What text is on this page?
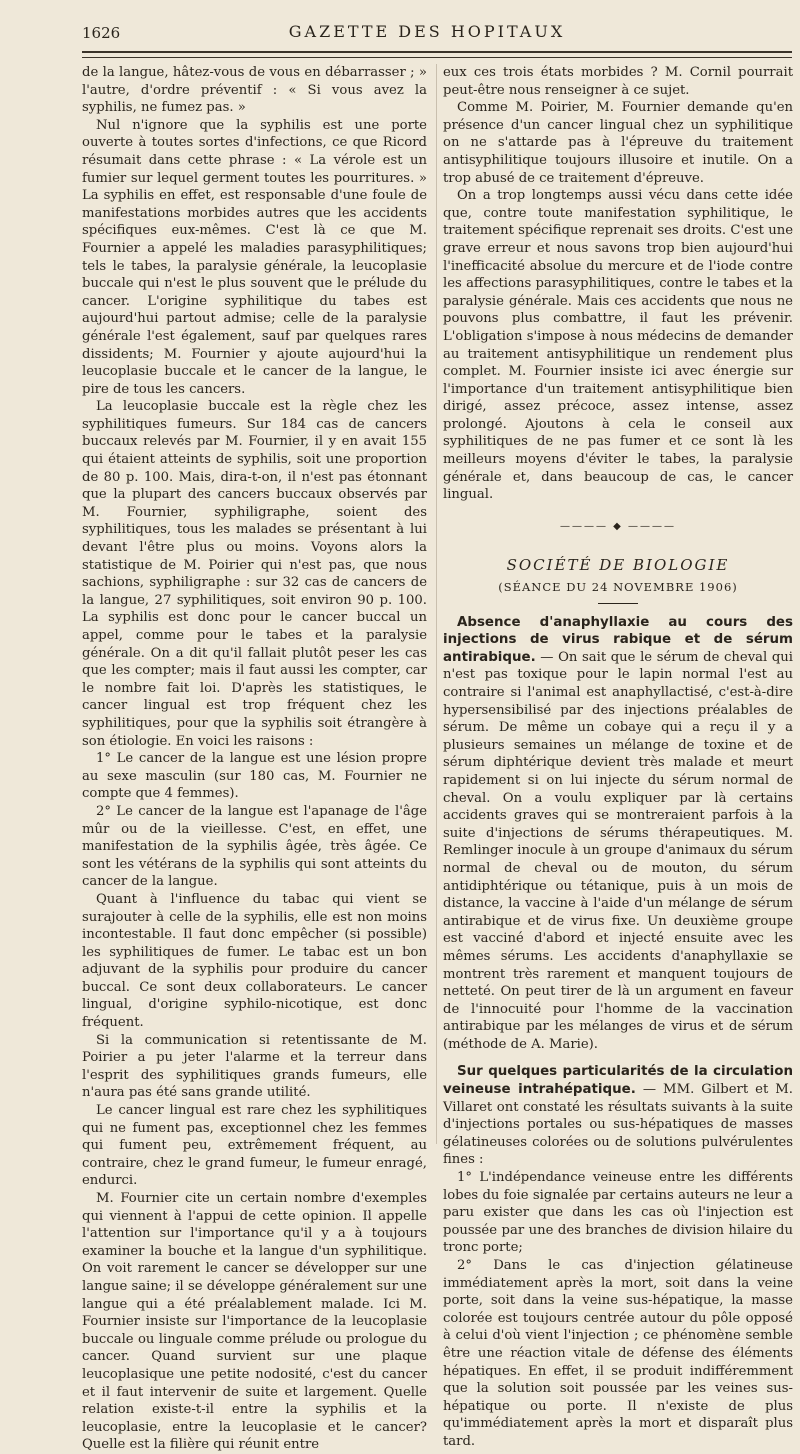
1626	GAZETTE DES HOPITAUX

de la langue, hâtez-vous de vous en débarrasser ; » l'autre, d'ordre préventif : « Si vous avez la syphilis, ne fumez pas. »

Nul n'ignore que la syphilis est une porte ouverte à toutes sortes d'infections, ce que Ricord résumait dans cette phrase : « La vérole est un fumier sur lequel germent toutes les pourritures. » La syphilis en effet, est responsable d'une foule de manifestations morbides autres que les accidents spécifiques eux-mêmes. C'est là ce que M. Fournier a appelé les maladies parasyphilitiques; tels le tabes, la paralysie générale, la leucoplasie buccale qui n'est le plus souvent que le prélude du cancer. L'origine syphilitique du tabes est aujourd'hui partout admise; celle de la paralysie générale l'est également, sauf par quelques rares dissidents; M. Fournier y ajoute aujourd'hui la leucoplasie buccale et le cancer de la langue, le pire de tous les cancers.

La leucoplasie buccale est la règle chez les syphilitiques fumeurs. Sur 184 cas de cancers buccaux relevés par M. Fournier, il y en avait 155 qui étaient atteints de syphilis, soit une proportion de 80 p. 100. Mais, dira-t-on, il n'est pas étonnant que la plupart des cancers buccaux observés par M. Fournier, syphiligraphe, soient des syphilitiques, tous les malades se présentant à lui devant l'être plus ou moins. Voyons alors la statistique de M. Poirier qui n'est pas, que nous sachions, syphiligraphe : sur 32 cas de cancers de la langue, 27 syphilitiques, soit environ 90 p. 100. La syphilis est donc pour le cancer buccal un appel, comme pour le tabes et la paralysie générale. On a dit qu'il fallait plutôt peser les cas que les compter; mais il faut aussi les compter, car le nombre fait loi. D'après les statistiques, le cancer lingual est trop fréquent chez les syphilitiques, pour que la syphilis soit étrangère à son étiologie. En voici les raisons :

1° Le cancer de la langue est une lésion propre au sexe masculin (sur 180 cas, M. Fournier ne compte que 4 femmes).

2° Le cancer de la langue est l'apanage de l'âge mûr ou de la vieillesse. C'est, en effet, une manifestation de la syphilis âgée, très âgée. Ce sont les vétérans de la syphilis qui sont atteints du cancer de la langue.

Quant à l'influence du tabac qui vient se surajouter à celle de la syphilis, elle est non moins incontestable. Il faut donc empêcher (si possible) les syphilitiques de fumer. Le tabac est un bon adjuvant de la syphilis pour produire du cancer buccal. Ce sont deux collaborateurs. Le cancer lingual, d'origine syphilo-nicotique, est donc fréquent.

Si la communication si retentissante de M. Poirier a pu jeter l'alarme et la terreur dans l'esprit des syphilitiques grands fumeurs, elle n'aura pas été sans grande utilité.

Le cancer lingual est rare chez les syphilitiques qui ne fument pas, exceptionnel chez les femmes qui fument peu, extrêmement fréquent, au contraire, chez le grand fumeur, le fumeur enragé, endurci.

M. Fournier cite un certain nombre d'exemples qui viennent à l'appui de cette opinion. Il appelle l'attention sur l'importance qu'il y a à toujours examiner la bouche et la langue d'un syphilitique. On voit rarement le cancer se développer sur une langue saine; il se développe généralement sur une langue qui a été préalablement malade. Ici M. Fournier insiste sur l'importance de la leucoplasie buccale ou linguale comme prélude ou prologue du cancer. Quand survient sur une plaque leucoplasique une petite nodosité, c'est du cancer et il faut intervenir de suite et largement. Quelle relation existe-t-il entre la syphilis et la leucoplasie, entre la leucoplasie et le cancer? Quelle est la filière qui réunit entre

eux ces trois états morbides ? M. Cornil pourrait peut-être nous renseigner à ce sujet.

Comme M. Poirier, M. Fournier demande qu'en présence d'un cancer lingual chez un syphilitique on ne s'attarde pas à l'épreuve du traitement antisyphilitique toujours illusoire et inutile. On a trop abusé de ce traitement d'épreuve.

On a trop longtemps aussi vécu dans cette idée que, contre toute manifestation syphilitique, le traitement spécifique reprenait ses droits. C'est une grave erreur et nous savons trop bien aujourd'hui l'inefficacité absolue du mercure et de l'iode contre les affections parasyphilitiques, contre le tabes et la paralysie générale. Mais ces accidents que nous ne pouvons plus combattre, il faut les prévenir. L'obligation s'impose à nous médecins de demander au traitement antisyphilitique un rendement plus complet. M. Fournier insiste ici avec énergie sur l'importance d'un traitement antisyphilitique bien dirigé, assez précoce, assez intense, assez prolongé. Ajoutons à cela le conseil aux syphilitiques de ne pas fumer et ce sont là les meilleurs moyens d'éviter le tabes, la paralysie générale et, dans beaucoup de cas, le cancer lingual.

———— ◆ ————
SOCIÉTÉ DE BIOLOGIE
(SÉANCE DU 24 NOVEMBRE 1906)

Absence d'anaphyllaxie au cours des injections de virus rabique et de sérum antirabique. — On sait que le sérum de cheval qui n'est pas toxique pour le lapin normal l'est au contraire si l'animal est anaphyllactisé, c'est-à-dire hypersensibilisé par des injections préalables de sérum. De même un cobaye qui a reçu il y a plusieurs semaines un mélange de toxine et de sérum diphtérique devient très malade et meurt rapidement si on lui injecte du sérum normal de cheval. On a voulu expliquer par là certains accidents graves qui se montreraient parfois à la suite d'injections de sérums thérapeutiques. M. Remlinger inocule à un groupe d'animaux du sérum normal de cheval ou de mouton, du sérum antidiphtérique ou tétanique, puis à un mois de distance, la vaccine à l'aide d'un mélange de sérum antirabique et de virus fixe. Un deuxième groupe est vacciné d'abord et injecté ensuite avec les mêmes sérums. Les accidents d'anaphyllaxie se montrent très rarement et manquent toujours de netteté. On peut tirer de là un argument en faveur de l'innocuité pour l'homme de la vaccination antirabique par les mélanges de virus et de sérum (méthode de A. Marie).

Sur quelques particularités de la circulation veineuse intrahépatique. — MM. Gilbert et M. Villaret ont constaté les résultats suivants à la suite d'injections portales ou sus-hépatiques de masses gélatineuses colorées ou de solutions pulvérulentes fines :

1° L'indépendance veineuse entre les différents lobes du foie signalée par certains auteurs ne leur a paru exister que dans les cas où l'injection est poussée par une des branches de division hilaire du tronc porte;

2° Dans le cas d'injection gélatineuse immédiatement après la mort, soit dans la veine porte, soit dans la veine sus-hépatique, la masse colorée est toujours centrée autour du pôle opposé à celui d'où vient l'injection ; ce phénomène semble être une réaction vitale de défense des éléments hépatiques. En effet, il se produit indifféremment que la solution soit poussée par les veines sus-hépatique ou porte. Il n'existe de plus qu'immédiatement après la mort et disparaît plus tard.
